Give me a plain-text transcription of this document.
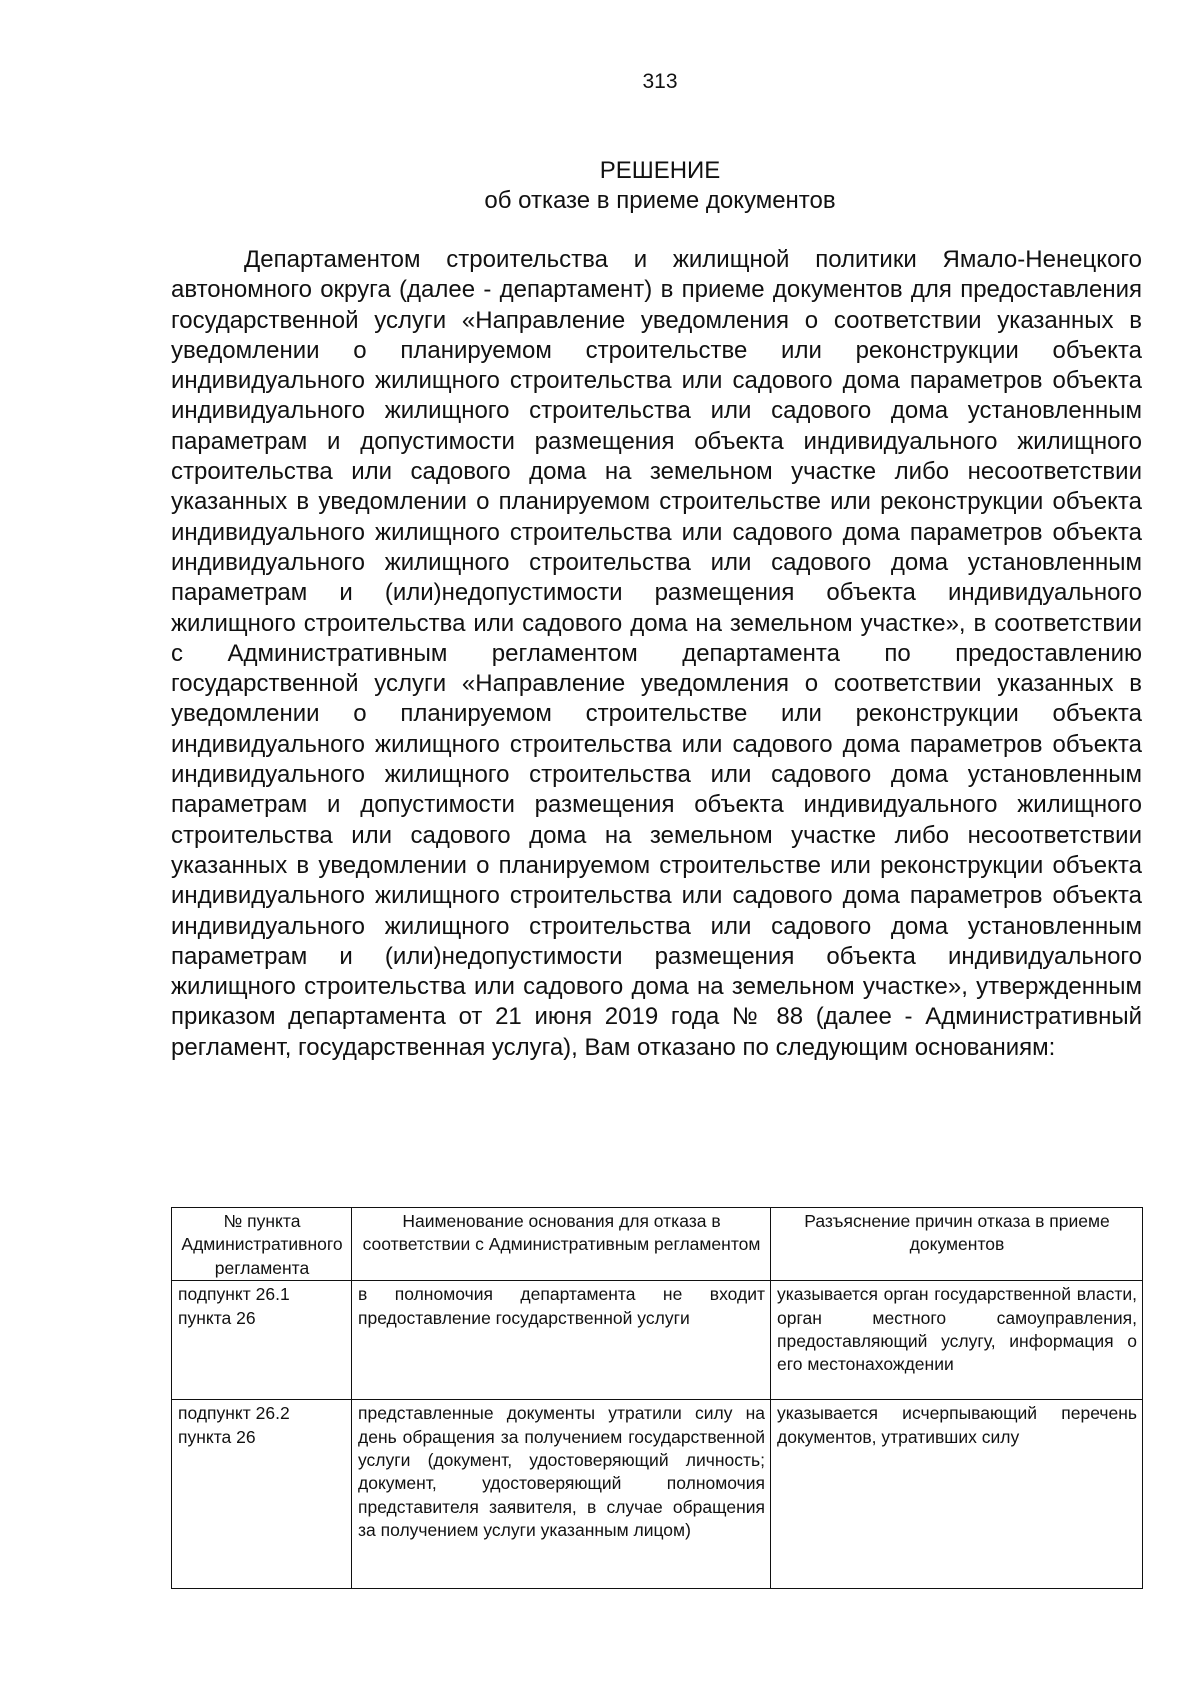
313
РЕШЕНИЕ
об отказе в приеме документов

Департаментом строительства и жилищной политики Ямало-Ненецкого автономного округа (далее - департамент) в приеме документов для предоставления государственной услуги «Направление уведомления о соответствии указанных в уведомлении о планируемом строительстве или реконструкции объекта индивидуального жилищного строительства или садового дома параметров объекта индивидуального жилищного строительства или садового дома установленным параметрам и допустимости размещения объекта индивидуального жилищного строительства или садового дома на земельном участке либо несоответствии указанных в уведомлении о планируемом строительстве или реконструкции объекта индивидуального жилищного строительства или садового дома параметров объекта индивидуального жилищного строительства или садового дома установленным параметрам и (или)недопустимости размещения объекта индивидуального жилищного строительства или садового дома на земельном участке», в соответствии с Административным регламентом департамента по предоставлению государственной услуги «Направление уведомления о соответствии указанных в уведомлении о планируемом строительстве или реконструкции объекта индивидуального жилищного строительства или садового дома параметров объекта индивидуального жилищного строительства или садового дома установленным параметрам и допустимости размещения объекта индивидуального жилищного строительства или садового дома на земельном участке либо несоответствии указанных в уведомлении о планируемом строительстве или реконструкции объекта индивидуального жилищного строительства или садового дома параметров объекта индивидуального жилищного строительства или садового дома установленным параметрам и (или)недопустимости размещения объекта индивидуального жилищного строительства или садового дома на земельном участке», утвержденным приказом департамента от 21 июня 2019 года № 88 (далее - Административный регламент, государственная услуга), Вам отказано по следующим основаниям:

№ пункта Административного регламента	Наименование основания для отказа в соответствии с Административным регламентом	Разъяснение причин отказа в приеме документов
подпункт 26.1 пункта 26	в полномочия департамента не входит предоставление государственной услуги	указывается орган государственной власти, орган местного самоуправления, предоставляющий услугу, информация о его местонахождении
подпункт 26.2 пункта 26	представленные документы утратили силу на день обращения за получением государственной услуги (документ, удостоверяющий личность; документ, удостоверяющий полномочия представителя заявителя, в случае обращения за получением услуги указанным лицом)	указывается исчерпывающий перечень документов, утративших силу
